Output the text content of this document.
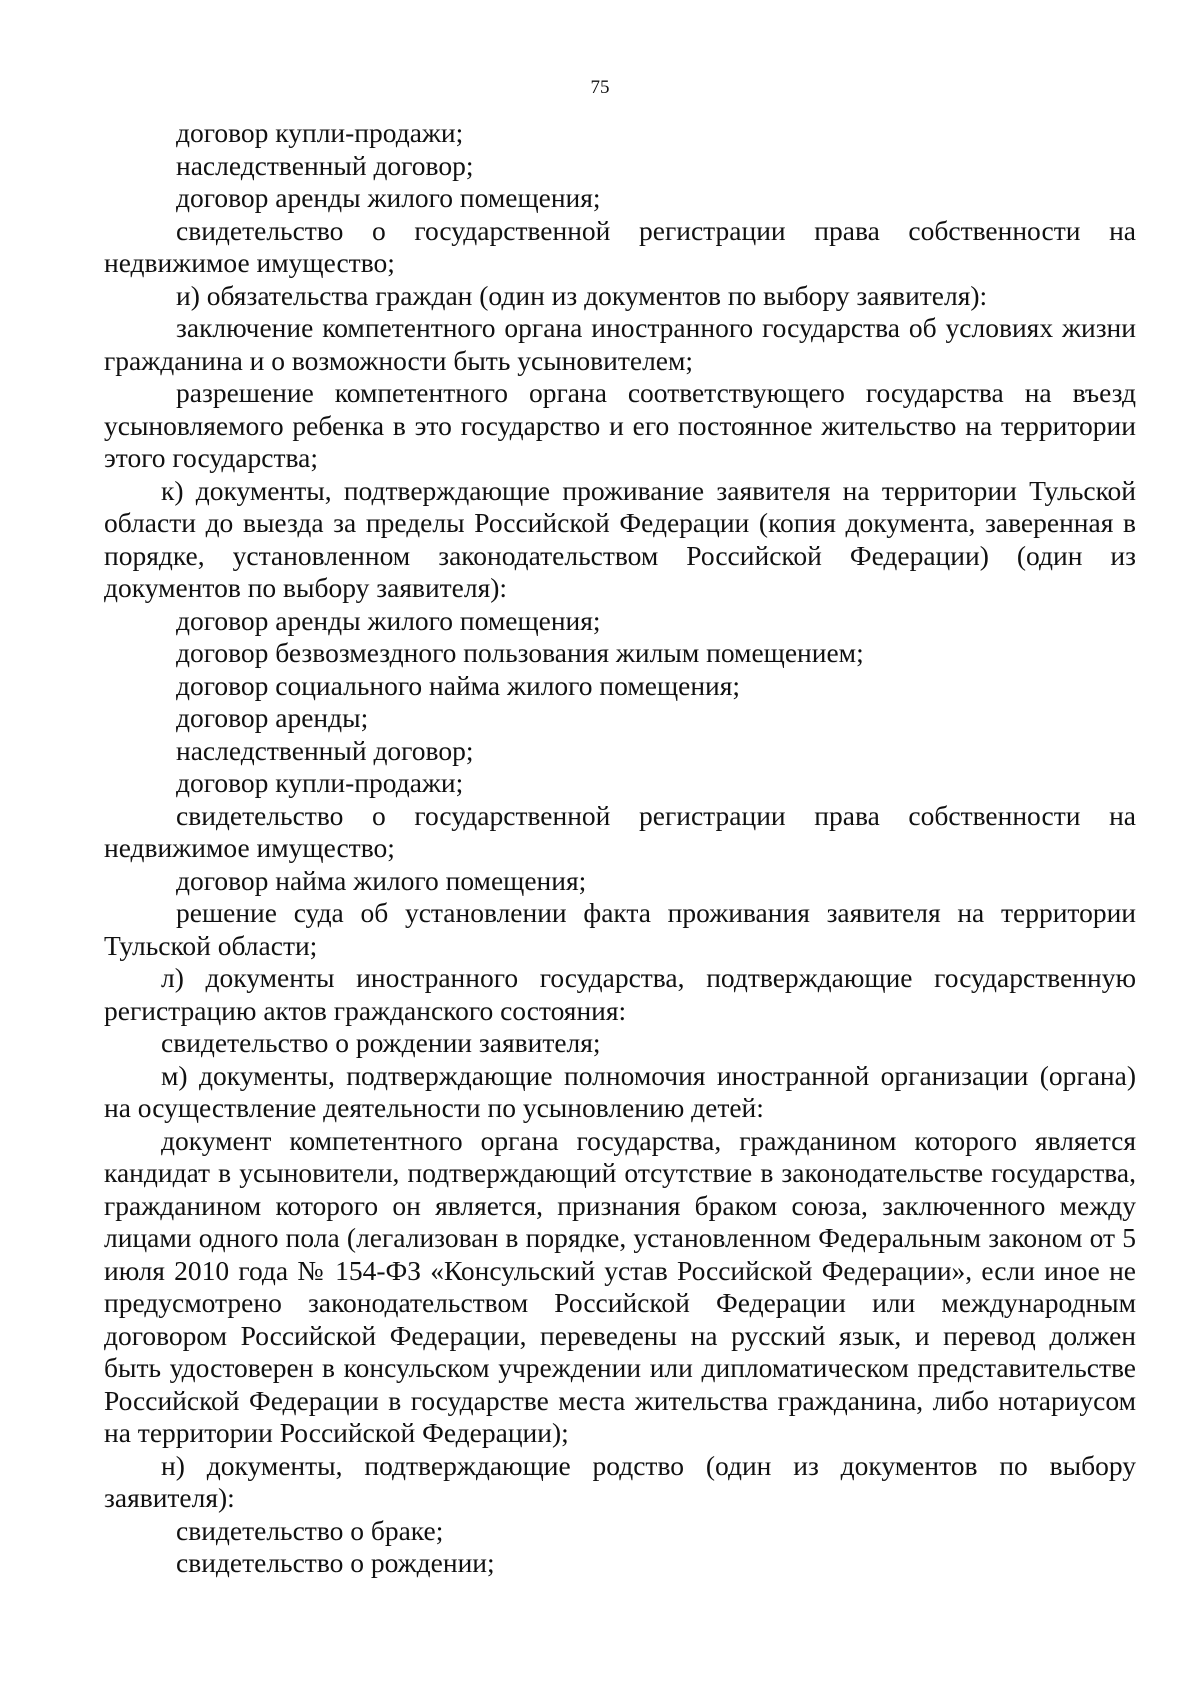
75

договор купли-продажи;

наследственный договор;

договор аренды жилого помещения;

свидетельство о государственной регистрации права собственности на недвижимое имущество;

и) обязательства граждан (один из документов по выбору заявителя):

заключение компетентного органа иностранного государства об условиях жизни гражданина и о возможности быть усыновителем;

разрешение компетентного органа соответствующего государства на въезд усыновляемого ребенка в это государство и его постоянное жительство на территории этого государства;

к) документы, подтверждающие проживание заявителя на территории Тульской области до выезда за пределы Российской Федерации (копия документа, заверенная в порядке, установленном законодательством Российской Федерации) (один из документов по выбору заявителя):

договор аренды жилого помещения;

договор безвозмездного пользования жилым помещением;

договор социального найма жилого помещения;

договор аренды;

наследственный договор;

договор купли-продажи;

свидетельство о государственной регистрации права собственности на недвижимое имущество;

договор найма жилого помещения;

решение суда об установлении факта проживания заявителя на территории Тульской области;

л) документы иностранного государства, подтверждающие государственную регистрацию актов гражданского состояния:

свидетельство о рождении заявителя;

м) документы, подтверждающие полномочия иностранной организации (органа) на осуществление деятельности по усыновлению детей:

документ компетентного органа государства, гражданином которого является кандидат в усыновители, подтверждающий отсутствие в законодательстве государства, гражданином которого он является, признания браком союза, заключенного между лицами одного пола (легализован в порядке, установленном Федеральным законом от 5 июля 2010 года № 154-ФЗ «Консульский устав Российской Федерации», если иное не предусмотрено законодательством Российской Федерации или международным договором Российской Федерации, переведены на русский язык, и перевод должен быть удостоверен в консульском учреждении или дипломатическом представительстве Российской Федерации в государстве места жительства гражданина, либо нотариусом на территории Российской Федерации);

н) документы, подтверждающие родство (один из документов по выбору заявителя):

свидетельство о браке;

свидетельство о рождении;
